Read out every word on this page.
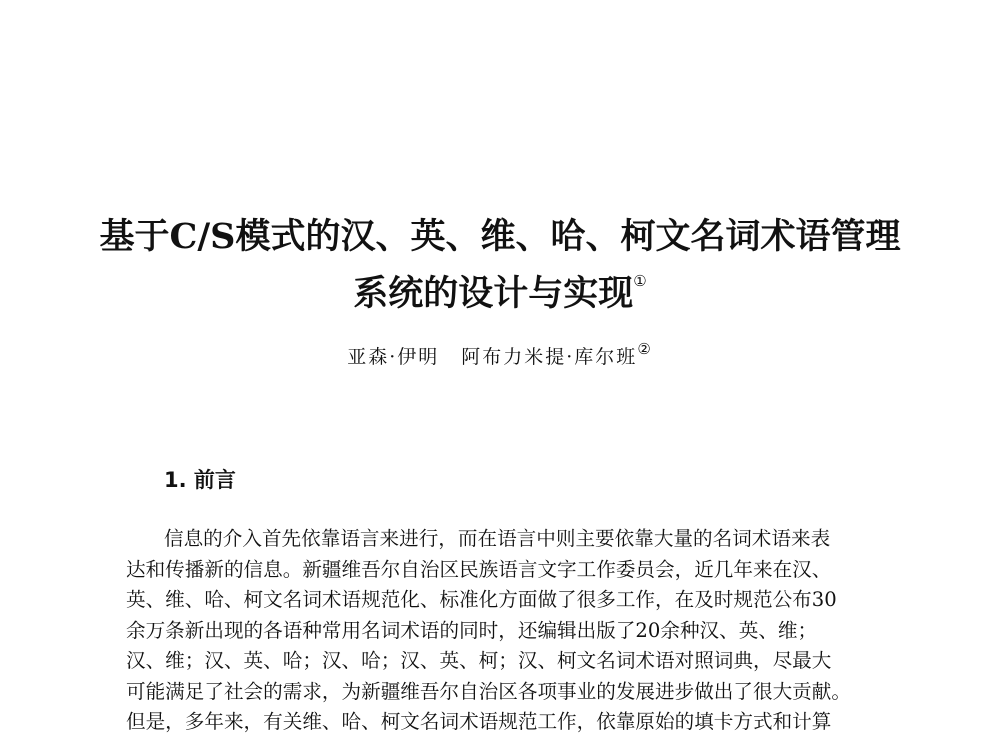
基于C/S模式的汉、英、维、哈、柯文名词术语管理
系统的设计与实现①
亚森·伊明 阿布力米提·库尔班②
1. 前言
信息的介入首先依靠语言来进行，而在语言中则主要依靠大量的名词术语来表
达和传播新的信息。新疆维吾尔自治区民族语言文字工作委员会，近几年来在汉、
英、维、哈、柯文名词术语规范化、标准化方面做了很多工作，在及时规范公布30
余万条新出现的各语种常用名词术语的同时，还编辑出版了20余种汉、英、维；
汉、维；汉、英、哈；汉、哈；汉、英、柯；汉、柯文名词术语对照词典，尽最大
可能满足了社会的需求，为新疆维吾尔自治区各项事业的发展进步做出了很大贡献。
但是，多年来，有关维、哈、柯文名词术语规范工作，依靠原始的填卡方式和计算
